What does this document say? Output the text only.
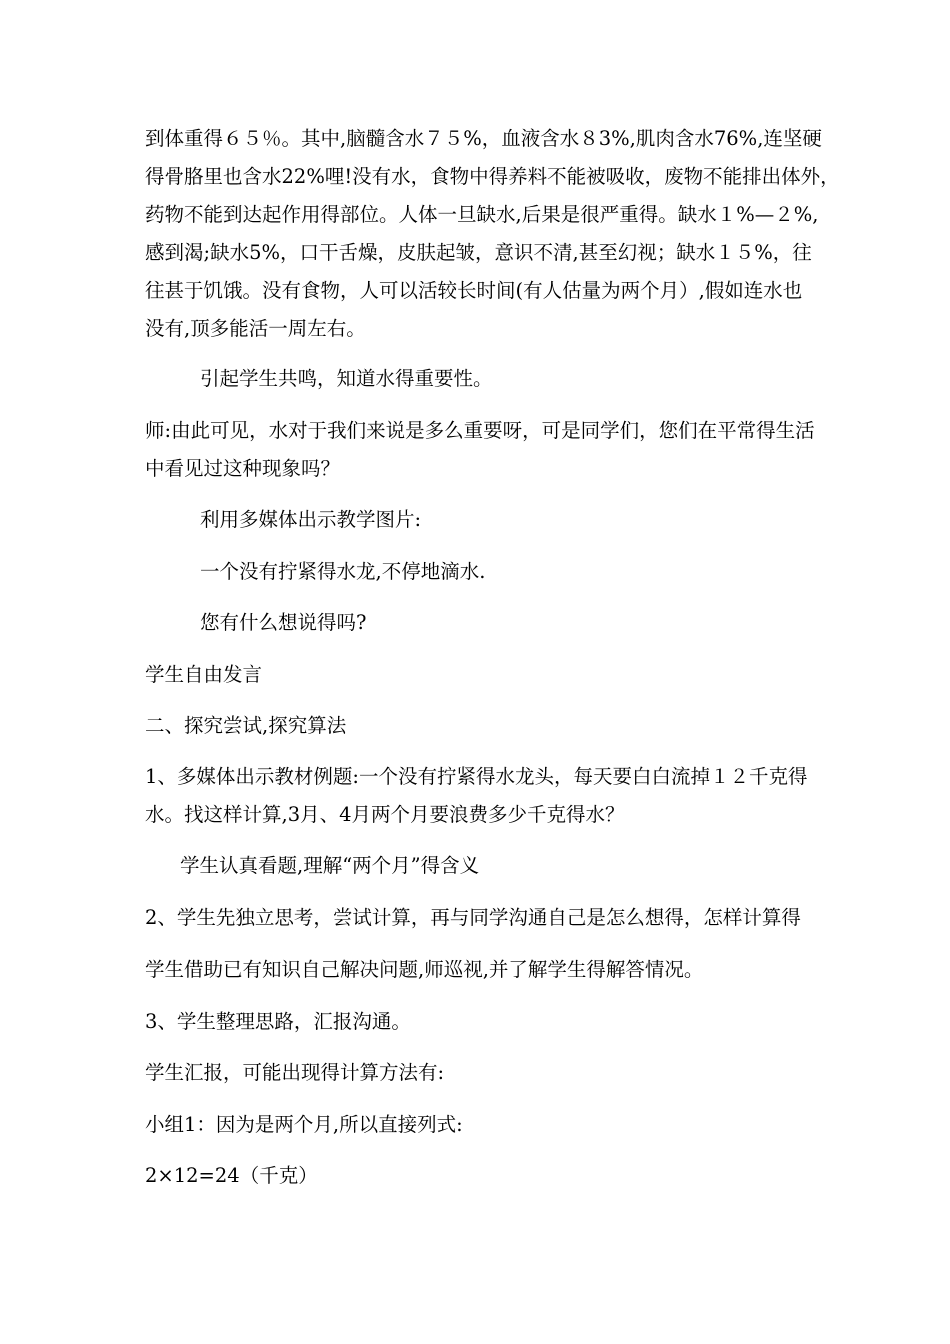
到体重得６５％。其中,脑髓含水７５%，血液含水８3%,肌肉含水76%,连坚硬
得骨胳里也含水22%哩!没有水，食物中得养料不能被吸收，废物不能排出体外，
药物不能到达起作用得部位。人体一旦缺水,后果是很严重得。缺水１%—２%,
感到渴;缺水5%，口干舌燥，皮肤起皱，意识不清,甚至幻视；缺水１５%，往
往甚于饥饿。没有食物，人可以活较长时间(有人估量为两个月）,假如连水也
没有,顶多能活一周左右。
引起学生共鸣，知道水得重要性。
师:由此可见，水对于我们来说是多么重要呀，可是同学们，您们在平常得生活
中看见过这种现象吗？
利用多媒体出示教学图片:
一个没有拧紧得水龙,不停地滴水.
您有什么想说得吗?
学生自由发言
二、探究尝试,探究算法
1、多媒体出示教材例题:一个没有拧紧得水龙头，每天要白白流掉１２千克得
水。找这样计算,3月、4月两个月要浪费多少千克得水？
学生认真看题,理解“两个月”得含义
2、学生先独立思考，尝试计算，再与同学沟通自己是怎么想得，怎样计算得
学生借助已有知识自己解决问题,师巡视,并了解学生得解答情况。
3、学生整理思路，汇报沟通。
学生汇报，可能出现得计算方法有:
小组1：因为是两个月,所以直接列式:
2×12=24（千克）
